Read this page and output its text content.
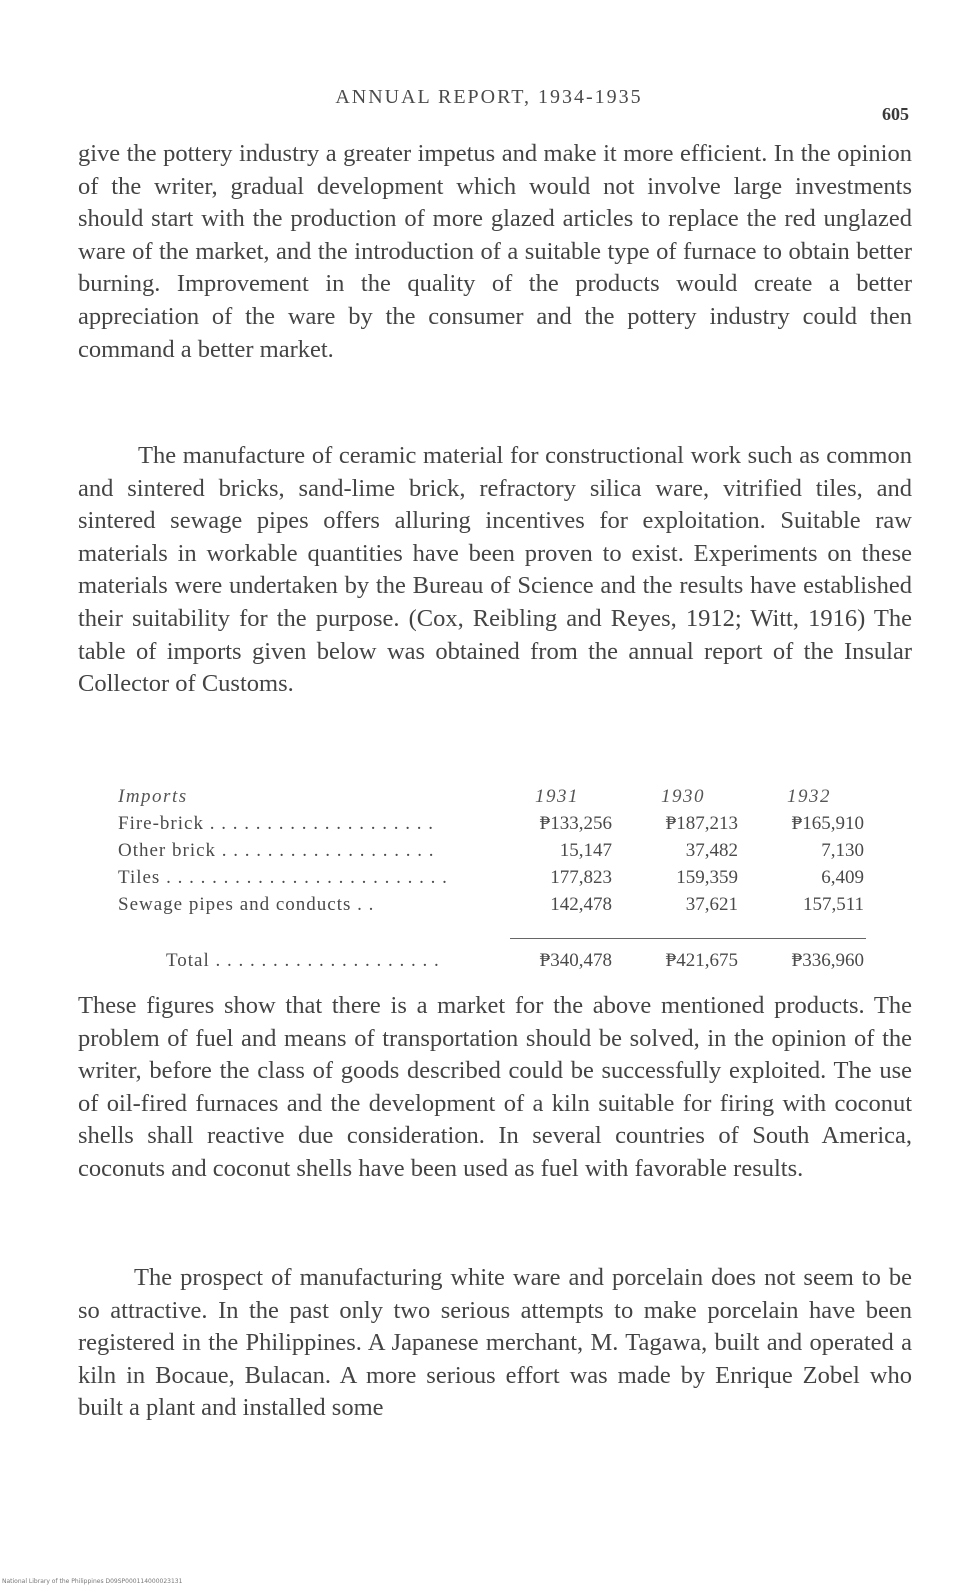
ANNUAL REPORT, 1934-1935
605

give the pottery industry a greater impetus and make it more efficient. In the opinion of the writer, gradual development which would not involve large investments should start with the production of more glazed articles to replace the red unglazed ware of the market, and the introduction of a suitable type of furnace to obtain better burning. Improvement in the quality of the products would create a better appreciation of the ware by the consumer and the pottery industry could then command a better market.

The manufacture of ceramic material for constructional work such as common and sintered bricks, sand-lime brick, refractory silica ware, vitrified tiles, and sintered sewage pipes offers alluring incentives for exploitation. Suitable raw materials in workable quantities have been proven to exist. Experiments on these materials were undertaken by the Bureau of Science and the results have established their suitability for the purpose. (Cox, Reibling and Reyes, 1912; Witt, 1916) The table of imports given below was obtained from the annual report of the Insular Collector of Customs.

Imports	1931	1930	1932
Fire-brick . . . . . . . . . . . . . . . . . . . .	₱133,256	₱187,213	₱165,910
Other brick . . . . . . . . . . . . . . . . . . .	15,147	37,482	7,130
Tiles . . . . . . . . . . . . . . . . . . . . . . . . .	177,823	159,359	6,409
Sewage pipes and conducts . .	142,478	37,621	157,511
Total . . . . . . . . . . . . . . . . . . . .	₱340,478	₱421,675	₱336,960

These figures show that there is a market for the above mentioned products. The problem of fuel and means of transportation should be solved, in the opinion of the writer, before the class of goods described could be successfully exploited. The use of oil-fired furnaces and the development of a kiln suitable for firing with coconut shells shall reactive due consideration. In several countries of South America, coconuts and coconut shells have been used as fuel with favorable results.

The prospect of manufacturing white ware and porcelain does not seem to be so attractive. In the past only two serious attempts to make porcelain have been registered in the Philippines. A Japanese merchant, M. Tagawa, built and operated a kiln in Bocaue, Bulacan. A more serious effort was made by Enrique Zobel who built a plant and installed some

National Library of the Philippines D09SP000114000023131
